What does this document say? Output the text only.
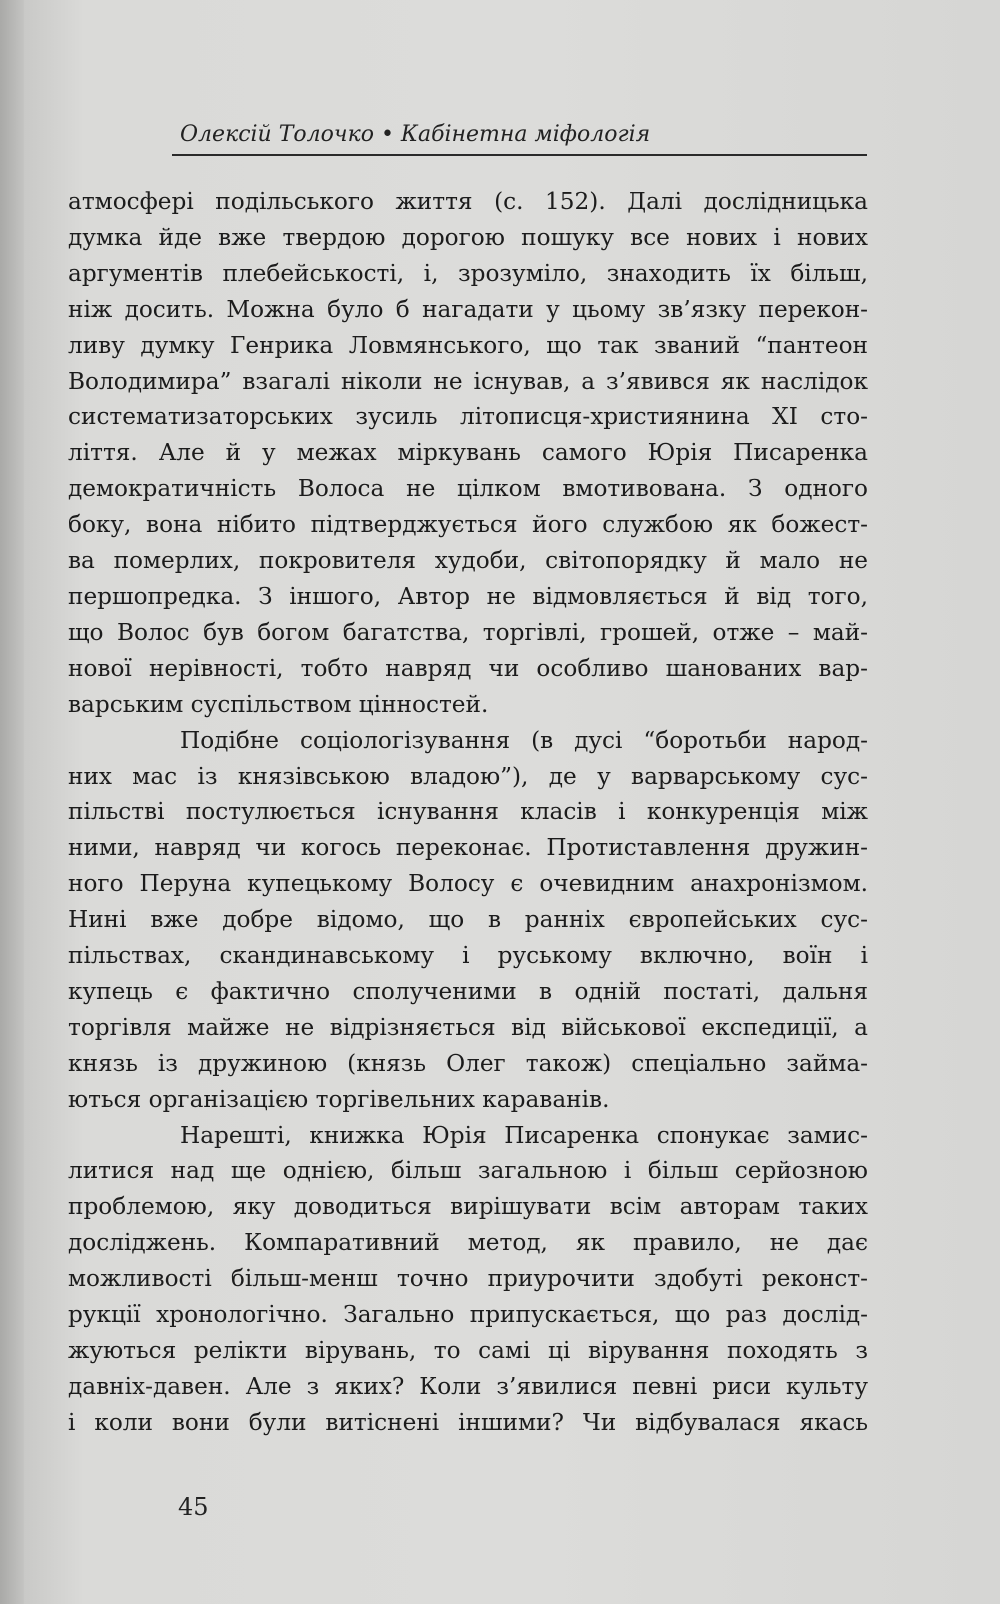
Олексій Толочко • Кабінетна міфологія
атмосфері подільського життя (с. 152). Далі дослідницька
думка йде вже твердою дорогою пошуку все нових і нових
аргументів плебейськості, і, зрозуміло, знаходить їх більш,
ніж досить. Можна було б нагадати у цьому зв’язку перекон-
ливу думку Генрика Ловмянського, що так званий “пантеон
Володимира” взагалі ніколи не існував, а з’явився як наслідок
систематизаторських зусиль літописця-християнина XI сто-
ліття. Але й у межах міркувань самого Юрія Писаренка
демократичність Волоса не цілком вмотивована. З одного
боку, вона нібито підтверджується його службою як божест-
ва померлих, покровителя худоби, світопорядку й мало не
першопредка. З іншого, Автор не відмовляється й від того,
що Волос був богом багатства, торгівлі, грошей, отже – май-
нової нерівності, тобто навряд чи особливо шанованих вар-
варським суспільством цінностей.
Подібне соціологізування (в дусі “боротьби народ-
них мас із князівською владою”), де у варварському сус-
пільстві постулюється існування класів і конкуренція між
ними, навряд чи когось переконає. Протиставлення дружин-
ного Перуна купецькому Волосу є очевидним анахронізмом.
Нині вже добре відомо, що в ранніх європейських сус-
пільствах, скандинавському і руському включно, воїн і
купець є фактично сполученими в одній постаті, дальня
торгівля майже не відрізняється від військової експедиції, а
князь із дружиною (князь Олег також) спеціально займа-
ються організацією торгівельних караванів.
Нарешті, книжка Юрія Писаренка спонукає замис-
литися над ще однією, більш загальною і більш серйозною
проблемою, яку доводиться вирішувати всім авторам таких
досліджень. Компаративний метод, як правило, не дає
можливості більш-менш точно приурочити здобуті реконст-
рукції хронологічно. Загально припускається, що раз дослід-
жуються релікти вірувань, то самі ці вірування походять з
давніх-давен. Але з яких? Коли з’явилися певні риси культу
і коли вони були витіснені іншими? Чи відбувалася якась
45
